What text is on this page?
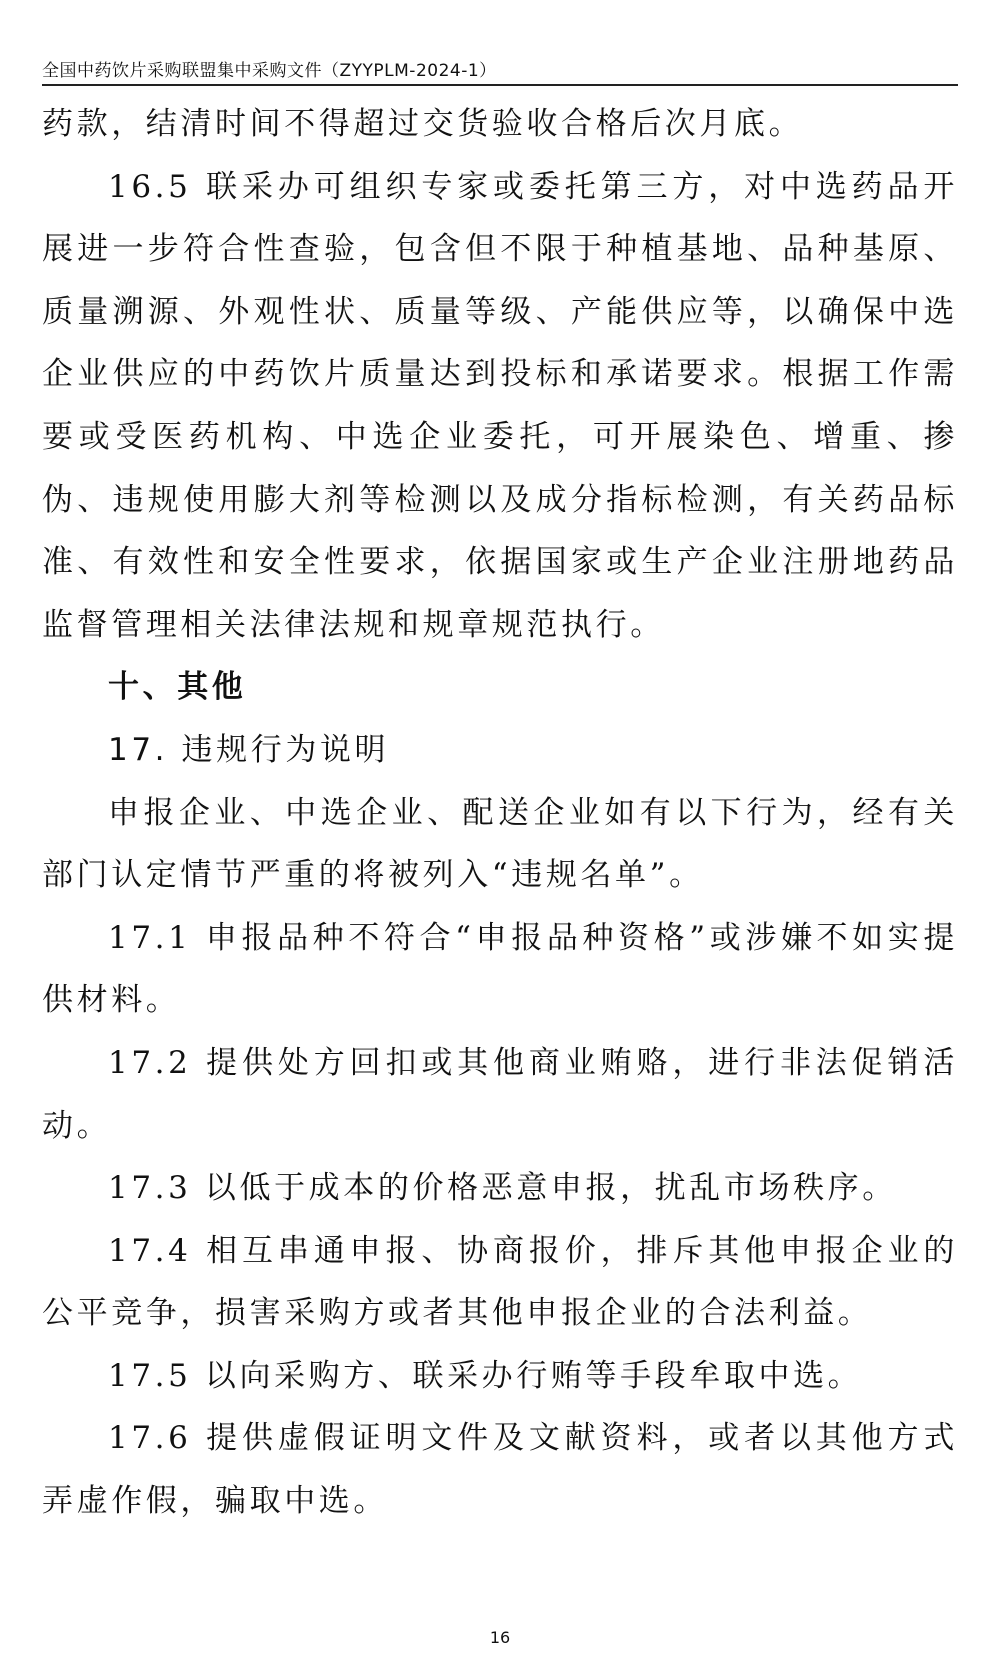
全国中药饮片采购联盟集中采购文件（ZYYPLM-2024-1）

药款，结清时间不得超过交货验收合格后次月底。

16.5 联采办可组织专家或委托第三方，对中选药品开展进一步符合性查验，包含但不限于种植基地、品种基原、质量溯源、外观性状、质量等级、产能供应等，以确保中选企业供应的中药饮片质量达到投标和承诺要求。根据工作需要或受医药机构、中选企业委托，可开展染色、增重、掺伪、违规使用膨大剂等检测以及成分指标检测，有关药品标准、有效性和安全性要求，依据国家或生产企业注册地药品监督管理相关法律法规和规章规范执行。

十、其他

17. 违规行为说明

申报企业、中选企业、配送企业如有以下行为，经有关部门认定情节严重的将被列入“违规名单”。

17.1 申报品种不符合“申报品种资格”或涉嫌不如实提供材料。

17.2 提供处方回扣或其他商业贿赂，进行非法促销活动。

17.3 以低于成本的价格恶意申报，扰乱市场秩序。

17.4 相互串通申报、协商报价，排斥其他申报企业的公平竞争，损害采购方或者其他申报企业的合法利益。

17.5 以向采购方、联采办行贿等手段牟取中选。

17.6 提供虚假证明文件及文献资料，或者以其他方式弄虚作假，骗取中选。

16
